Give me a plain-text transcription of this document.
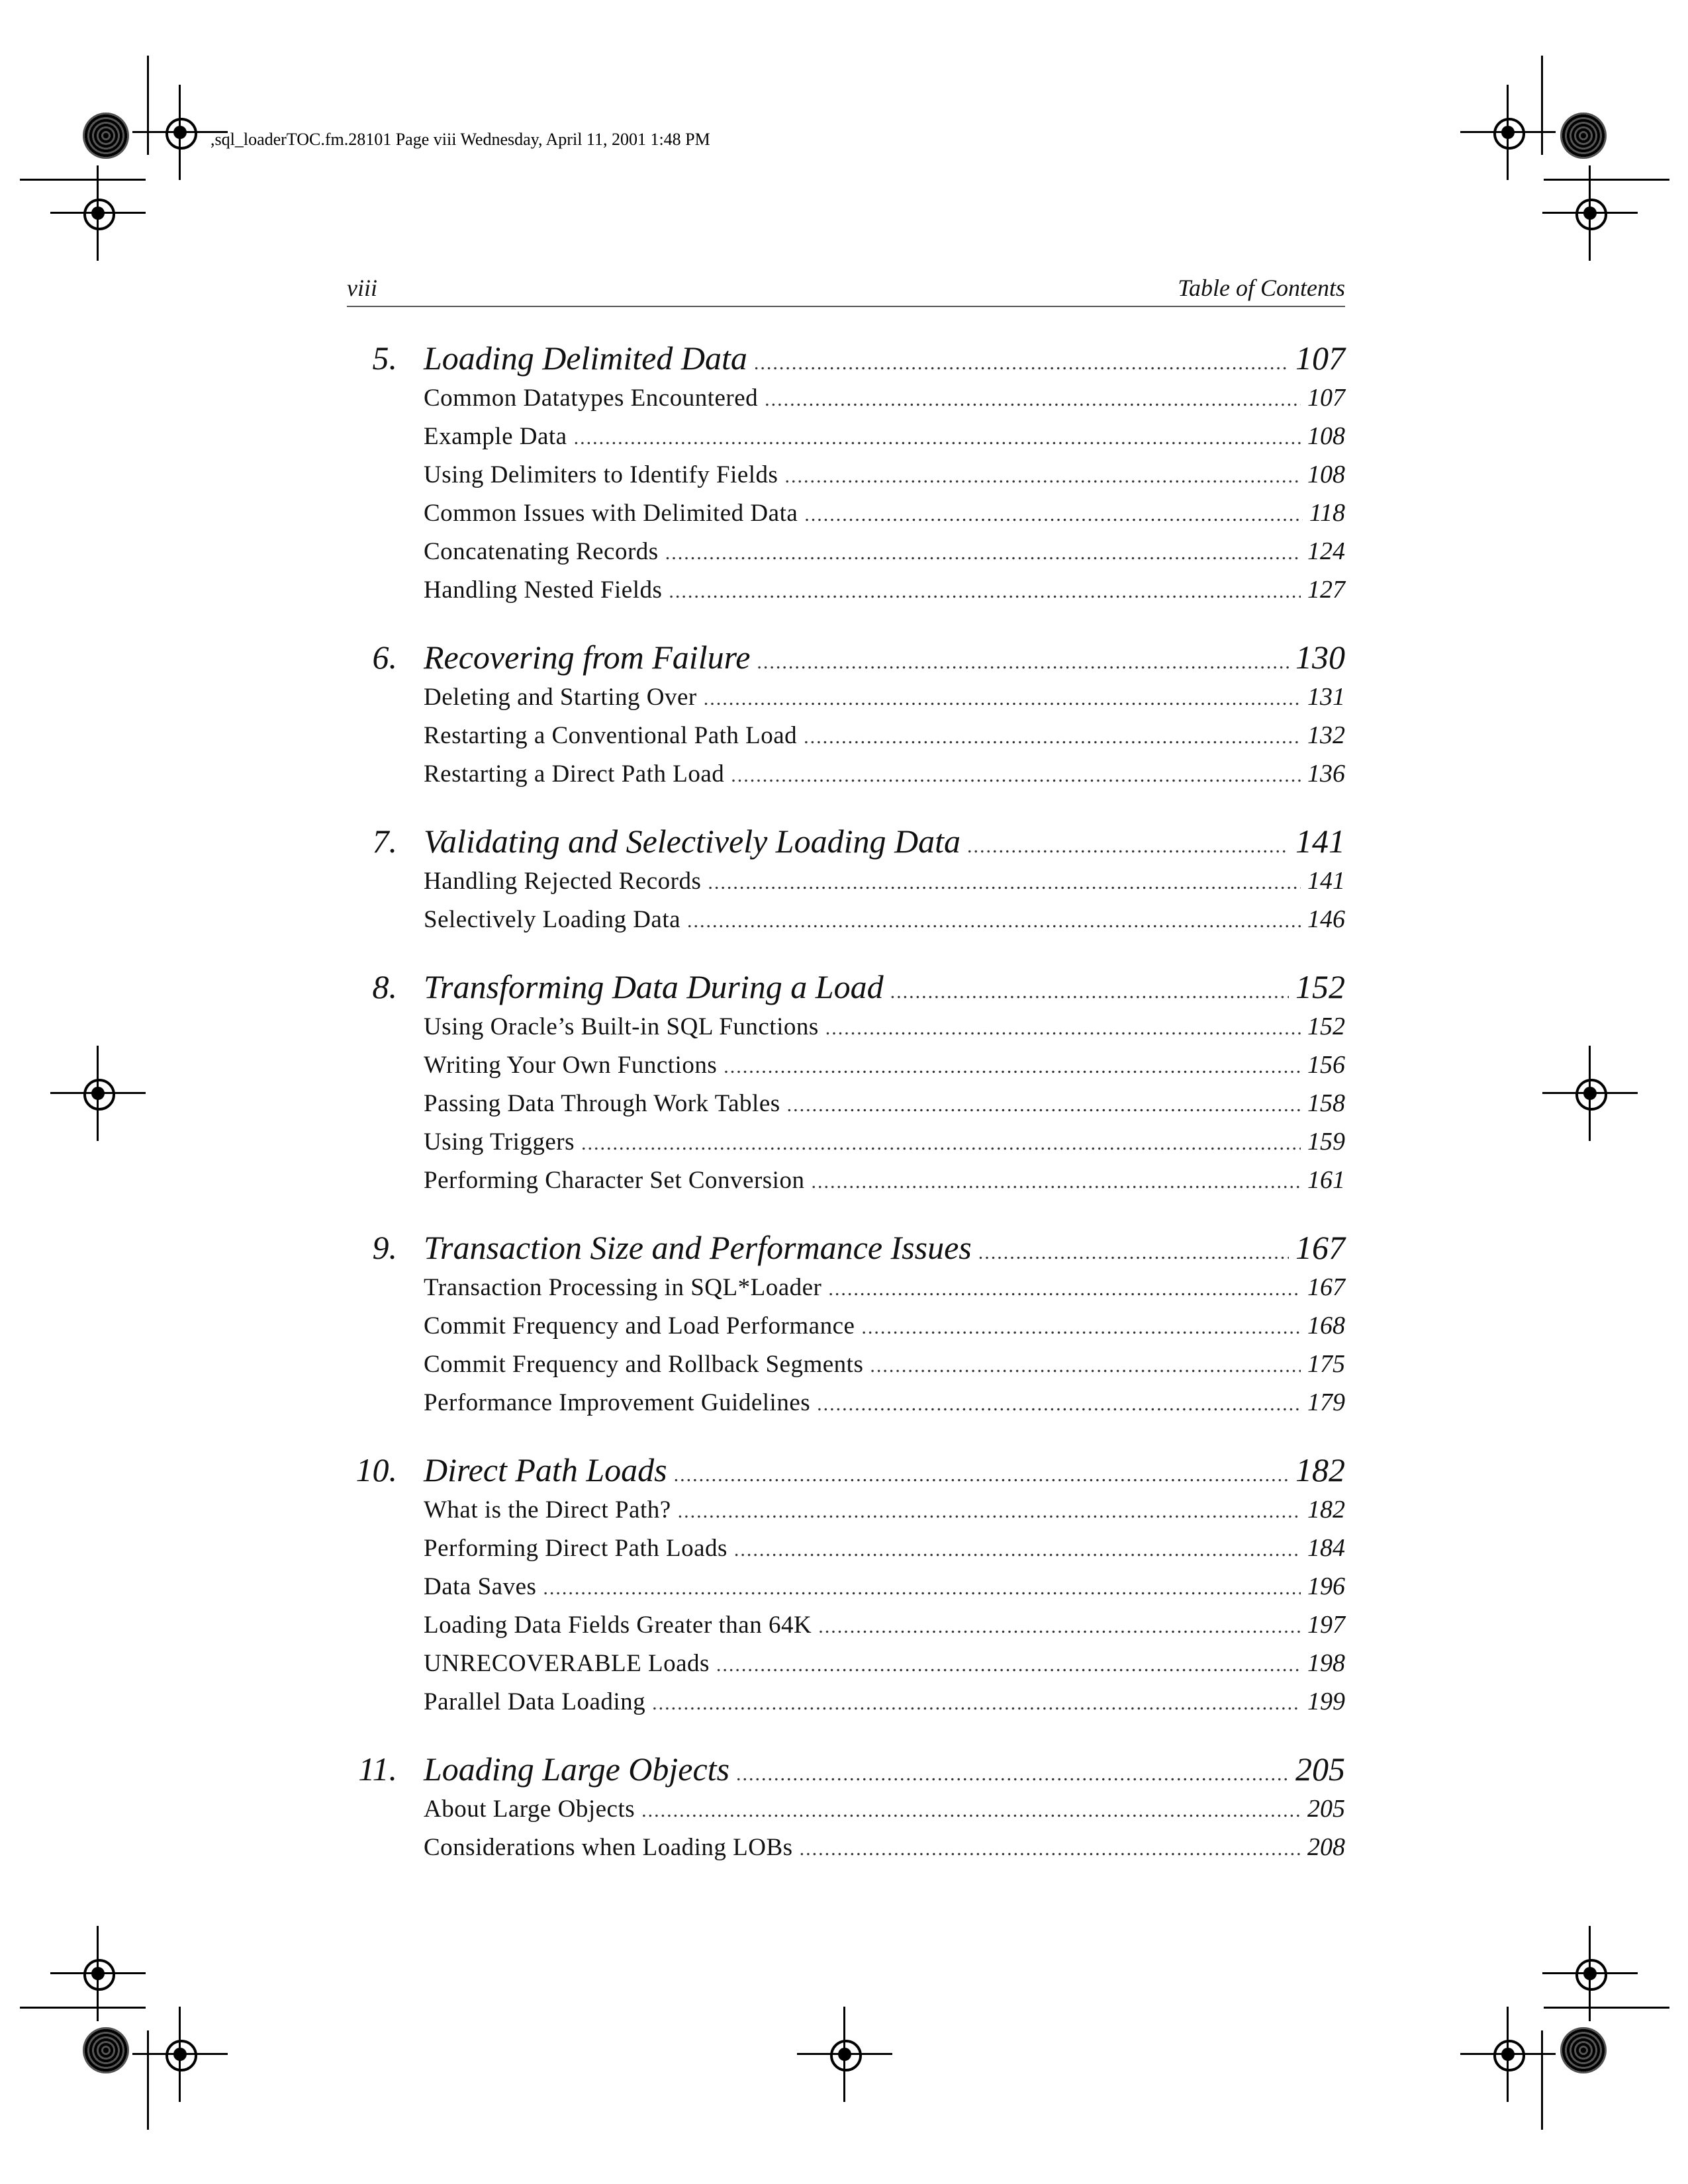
,sql_loaderTOC.fm.28101 Page viii Wednesday, April 11, 2001 1:48 PM
viii	Table of Contents
5. Loading Delimited Data .....	107
Common Datatypes Encountered .....	107
Example Data .....	108
Using Delimiters to Identify Fields .....	108
Common Issues with Delimited Data .....	118
Concatenating Records .....	124
Handling Nested Fields .....	127
6. Recovering from Failure .....	130
Deleting and Starting Over .....	131
Restarting a Conventional Path Load .....	132
Restarting a Direct Path Load .....	136
7. Validating and Selectively Loading Data .....	141
Handling Rejected Records .....	141
Selectively Loading Data .....	146
8. Transforming Data During a Load .....	152
Using Oracle’s Built-in SQL Functions .....	152
Writing Your Own Functions .....	156
Passing Data Through Work Tables .....	158
Using Triggers .....	159
Performing Character Set Conversion .....	161
9. Transaction Size and Performance Issues .....	167
Transaction Processing in SQL*Loader .....	167
Commit Frequency and Load Performance .....	168
Commit Frequency and Rollback Segments .....	175
Performance Improvement Guidelines .....	179
10. Direct Path Loads .....	182
What is the Direct Path? .....	182
Performing Direct Path Loads .....	184
Data Saves .....	196
Loading Data Fields Greater than 64K .....	197
UNRECOVERABLE Loads .....	198
Parallel Data Loading .....	199
11. Loading Large Objects .....	205
About Large Objects .....	205
Considerations when Loading LOBs .....	208
